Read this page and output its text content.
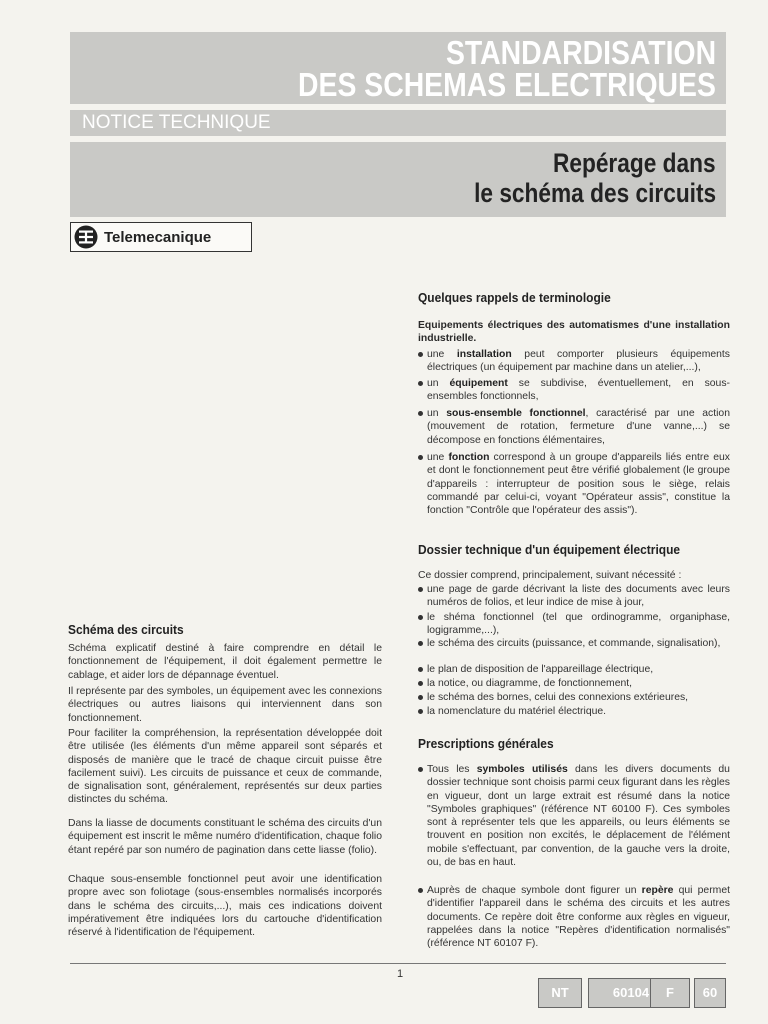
STANDARDISATION
DES SCHEMAS ELECTRIQUES
NOTICE TECHNIQUE
Repérage dans
le schéma des circuits
Telemecanique
Quelques rappels de terminologie
Equipements électriques des automatismes d'une installation industrielle.
une installation peut comporter plusieurs équipements électriques (un équipement par machine dans un atelier,...),
un équipement se subdivise, éventuellement, en sous-ensembles fonctionnels,
un sous-ensemble fonctionnel, caractérisé par une action (mouvement de rotation, fermeture d'une vanne,...) se décompose en fonctions élémentaires,
une fonction correspond à un groupe d'appareils liés entre eux et dont le fonctionnement peut être vérifié globalement (le groupe d'appareils : interrupteur de position sous le siège, relais commandé par celui-ci, voyant "Opérateur assis", constitue la fonction "Contrôle que l'opérateur des assis").
Dossier technique d'un équipement électrique
Ce dossier comprend, principalement, suivant nécessité :
une page de garde décrivant la liste des documents avec leurs numéros de folios, et leur indice de mise à jour,
le shéma fonctionnel (tel que ordinogramme, organiphase, logigramme,...),
le schéma des circuits (puissance, et commande, signalisation),
le plan de disposition de l'appareillage électrique,
la notice, ou diagramme, de fonctionnement,
le schéma des bornes, celui des connexions extérieures,
la nomenclature du matériel électrique.
Prescriptions générales
Tous les symboles utilisés dans les divers documents du dossier technique sont choisis parmi ceux figurant dans les règles en vigueur, dont un large extrait est résumé dans la notice "Symboles graphiques" (référence NT 60100 F). Ces symboles sont à représenter tels que les appareils, ou leurs éléments se trouvent en position non excités, le déplacement de l'élément mobile s'effectuant, par convention, de la gauche vers la droite, ou, de bas en haut.
Auprès de chaque symbole dont figurer un repère qui permet d'identifier l'appareil dans le schéma des circuits et les autres documents. Ce repère doit être conforme aux règles en vigueur, rappelées dans la notice "Repères d'identification normalisés" (référence NT 60107 F).
Schéma des circuits

Schéma explicatif destiné à faire comprendre en détail le fonctionnement de l'équipement, il doit également permettre le cablage, et aider lors de dépannage éventuel.

Il représente par des symboles, un équipement avec les connexions électriques ou autres liaisons qui interviennent dans son fonctionnement.

Pour faciliter la compréhension, la représentation développée doit être utilisée (les éléments d'un même appareil sont séparés et disposés de manière que le tracé de chaque circuit puisse être facilement suivi). Les circuits de puissance et ceux de commande, de signalisation sont, généralement, représentés sur deux parties distinctes du schéma.

Dans la liasse de documents constituant le schéma des circuits d'un équipement est inscrit le même numéro d'identification, chaque folio étant repéré par son numéro de pagination dans cette liasse (folio).

Chaque sous-ensemble fonctionnel peut avoir une identification propre avec son foliotage (sous-ensembles normalisés incorporés dans le schéma des circuits,...), mais ces indications doivent impérativement être indiquées lors du cartouche d'identification réservé à l'identification de l'équipement.

1
NT	60104	F	60
